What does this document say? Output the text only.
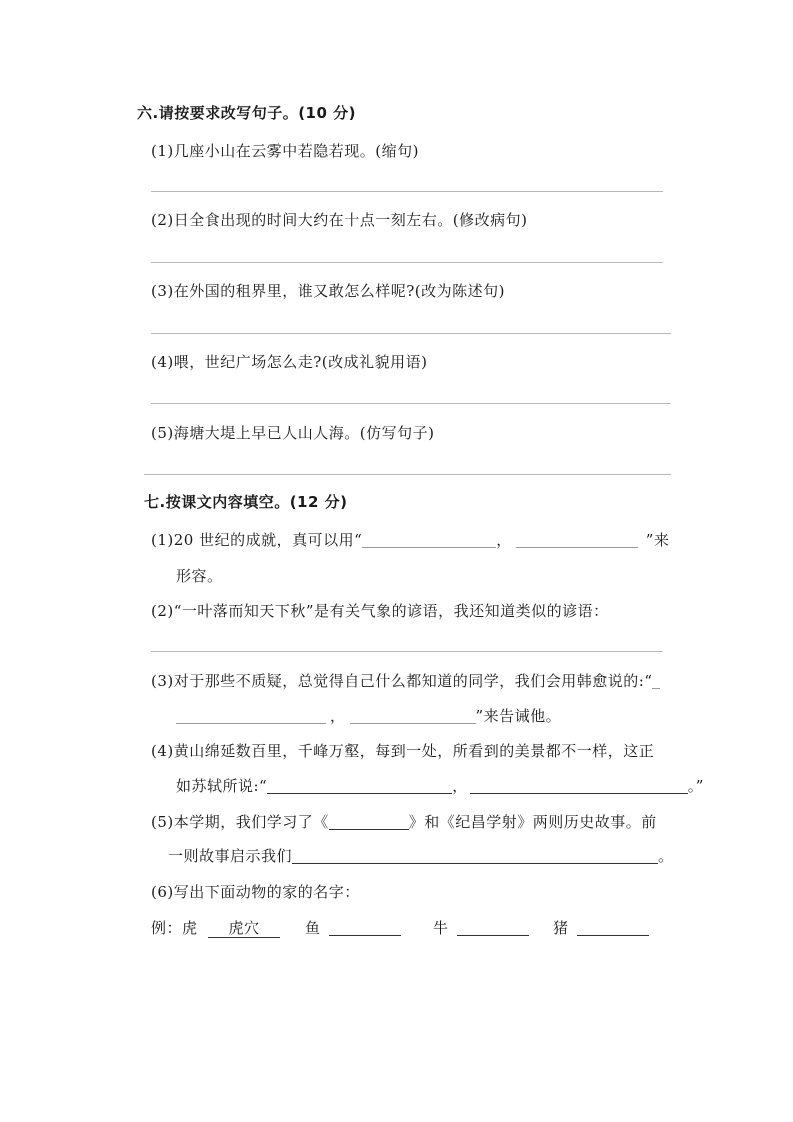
六.请按要求改写句子。(10 分)
(1)几座小山在云雾中若隐若现。(缩句)
(2)日全食出现的时间大约在十点一刻左右。(修改病句)
(3)在外国的租界里，谁又敢怎么样呢?(改为陈述句)
(4)喂，世纪广场怎么走?(改成礼貌用语)
(5)海塘大堤上早已人山人海。(仿写句子)
七.按课文内容填空。(12 分)
(1)20 世纪的成就，真可以用“	，	”来
形容。
(2)“一叶落而知天下秋”是有关气象的谚语，我还知道类似的谚语：
(3)对于那些不质疑，总觉得自己什么都知道的同学，我们会用韩愈说的:“
，	”来告诫他。
(4)黄山绵延数百里，千峰万壑，每到一处，所看到的美景都不一样，这正
如苏轼所说:“	，	。”
(5)本学期，我们学习了《	》和《纪昌学射》两则历史故事。前
一则故事启示我们	。
(6)写出下面动物的家的名字：
例：虎	虎穴	鱼	牛	猪
